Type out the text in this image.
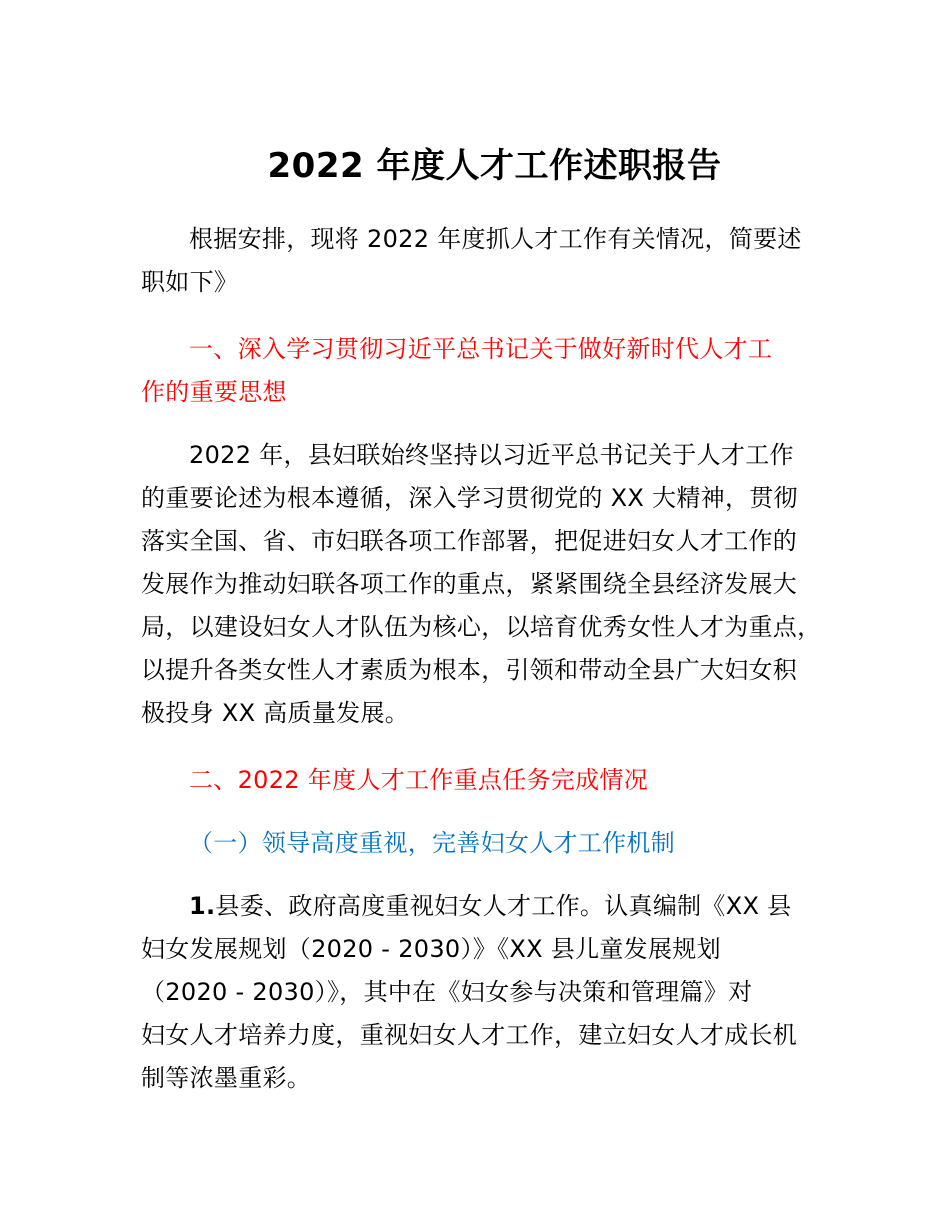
2022 年度人才工作述职报告

根据安排，现将 2022 年度抓人才工作有关情况，简要述
职如下》

一、深入学习贯彻习近平总书记关于做好新时代人才工
作的重要思想

2022 年，县妇联始终坚持以习近平总书记关于人才工作
的重要论述为根本遵循，深入学习贯彻党的 XX 大精神，贯彻
落实全国、省、市妇联各项工作部署，把促进妇女人才工作的
发展作为推动妇联各项工作的重点，紧紧围绕全县经济发展大
局，以建设妇女人才队伍为核心，以培育优秀女性人才为重点，
以提升各类女性人才素质为根本，引领和带动全县广大妇女积
极投身 XX 高质量发展。

二、2022 年度人才工作重点任务完成情况

（一）领导高度重视，完善妇女人才工作机制

1.县委、政府高度重视妇女人才工作。认真编制《XX 县
妇女发展规划（2020 - 2030）》《XX 县儿童发展规划
（2020 - 2030）》，其中在《妇女参与决策和管理篇》对
妇女人才培养力度，重视妇女人才工作，建立妇女人才成长机
制等浓墨重彩。
